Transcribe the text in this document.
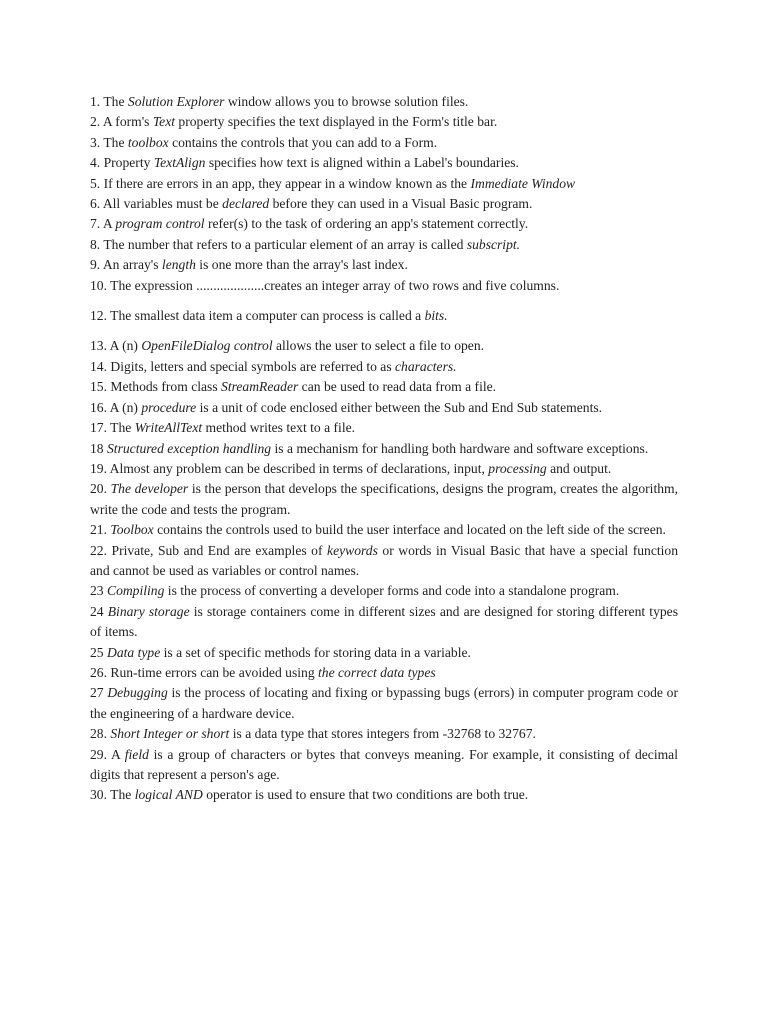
1. The Solution Explorer window allows you to browse solution files.

2. A form's Text property specifies the text displayed in the Form's title bar.

3. The toolbox contains the controls that you can add to a Form.

4. Property TextAlign specifies how text is aligned within a Label's boundaries.

5. If there are errors in an app, they appear in a window known as the Immediate Window

6. All variables must be declared before they can used in a Visual Basic program.

7. A program control refer(s) to the task of ordering an app's statement correctly.

8. The number that refers to a particular element of an array is called subscript.

9. An array's length is one more than the array's last index.

10. The expression ....................creates an integer array of two rows and five columns.

12. The smallest data item a computer can process is called a bits.

13. A (n) OpenFileDialog control allows the user to select a file to open.

14. Digits, letters and special symbols are referred to as characters.

15. Methods from class StreamReader can be used to read data from a file.

16. A (n) procedure is a unit of code enclosed either between the Sub and End Sub statements.

17. The WriteAllText method writes text to a file.

18 Structured exception handling is a mechanism for handling both hardware and software exceptions.

19. Almost any problem can be described in terms of declarations, input, processing and output.

20. The developer is the person that develops the specifications, designs the program, creates the algorithm, write the code and tests the program.

21. Toolbox contains the controls used to build the user interface and located on the left side of the screen.

22. Private, Sub and End are examples of keywords or words in Visual Basic that have a special function and cannot be used as variables or control names.

23 Compiling is the process of converting a developer forms and code into a standalone program.

24 Binary storage is storage containers come in different sizes and are designed for storing different types of items.

25 Data type is a set of specific methods for storing data in a variable.

26. Run-time errors can be avoided using the correct data types

27 Debugging is the process of locating and fixing or bypassing bugs (errors) in computer program code or the engineering of a hardware device.

28. Short Integer or short is a data type that stores integers from -32768 to 32767.

29. A field is a group of characters or bytes that conveys meaning. For example, it consisting of decimal digits that represent a person's age.

30. The logical AND operator is used to ensure that two conditions are both true.
